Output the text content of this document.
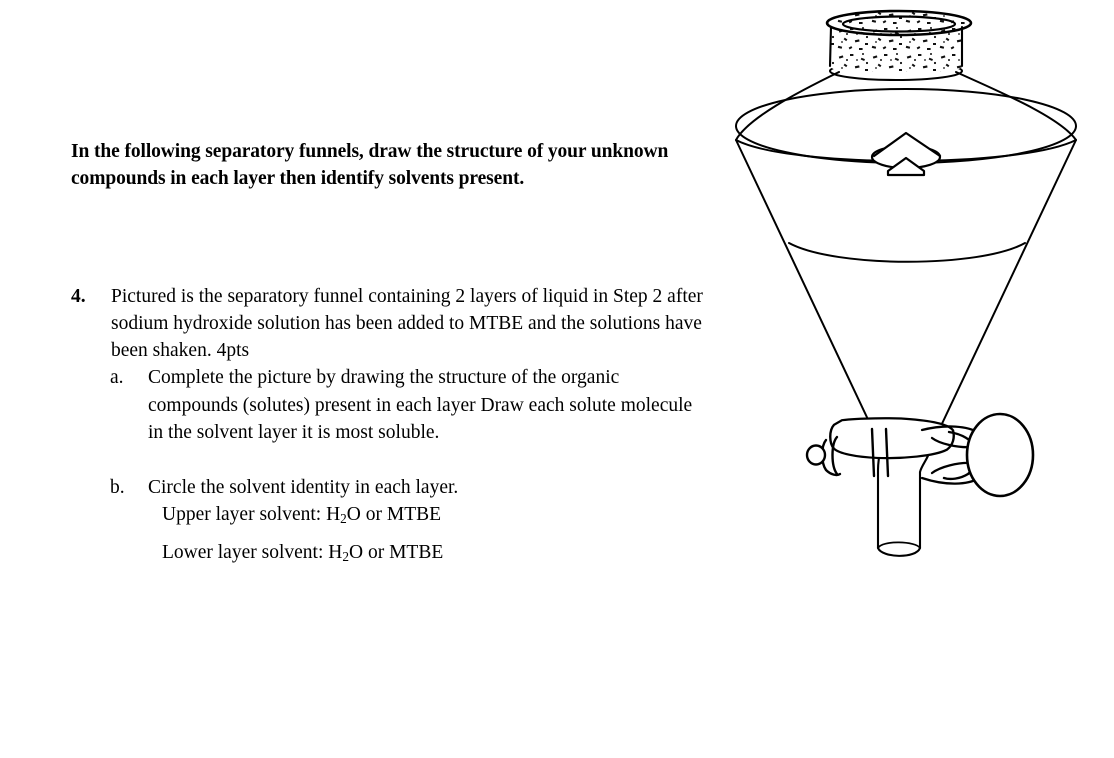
In the following separatory funnels, draw the structure of your unknown compounds in each layer then identify solvents present.
4.	Pictured is the separatory funnel containing 2 layers of liquid in Step 2 after sodium hydroxide solution has been added to MTBE and the solutions have been shaken. 4pts
a.	Complete the picture by drawing the structure of the organic compounds (solutes) present in each layer Draw each solute molecule in the solvent layer it is most soluble.
b.	Circle the solvent identity in each layer.
Upper layer solvent: $H_2O$ or MTBE
Lower layer solvent: $H_2O$ or MTBE
